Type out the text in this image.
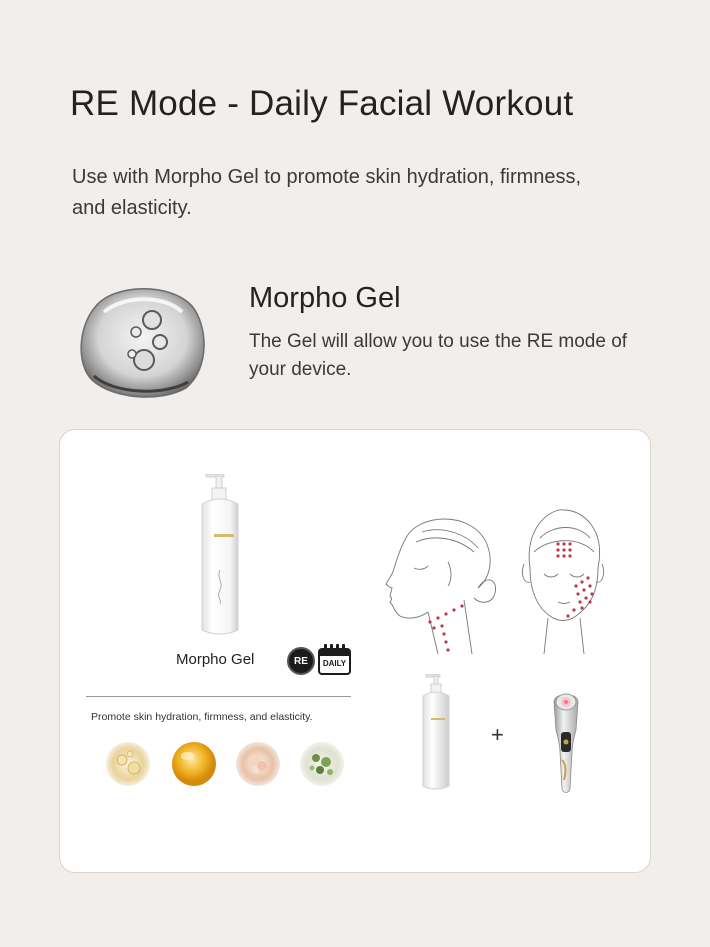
RE Mode - Daily Facial Workout
Use with Morpho Gel to promote skin hydration, firmness, and elasticity.
Morpho Gel
The Gel will allow you to use the RE mode of your device.
Morpho Gel	RE	DAILY
Promote skin hydration, firmness, and elasticity.
+
